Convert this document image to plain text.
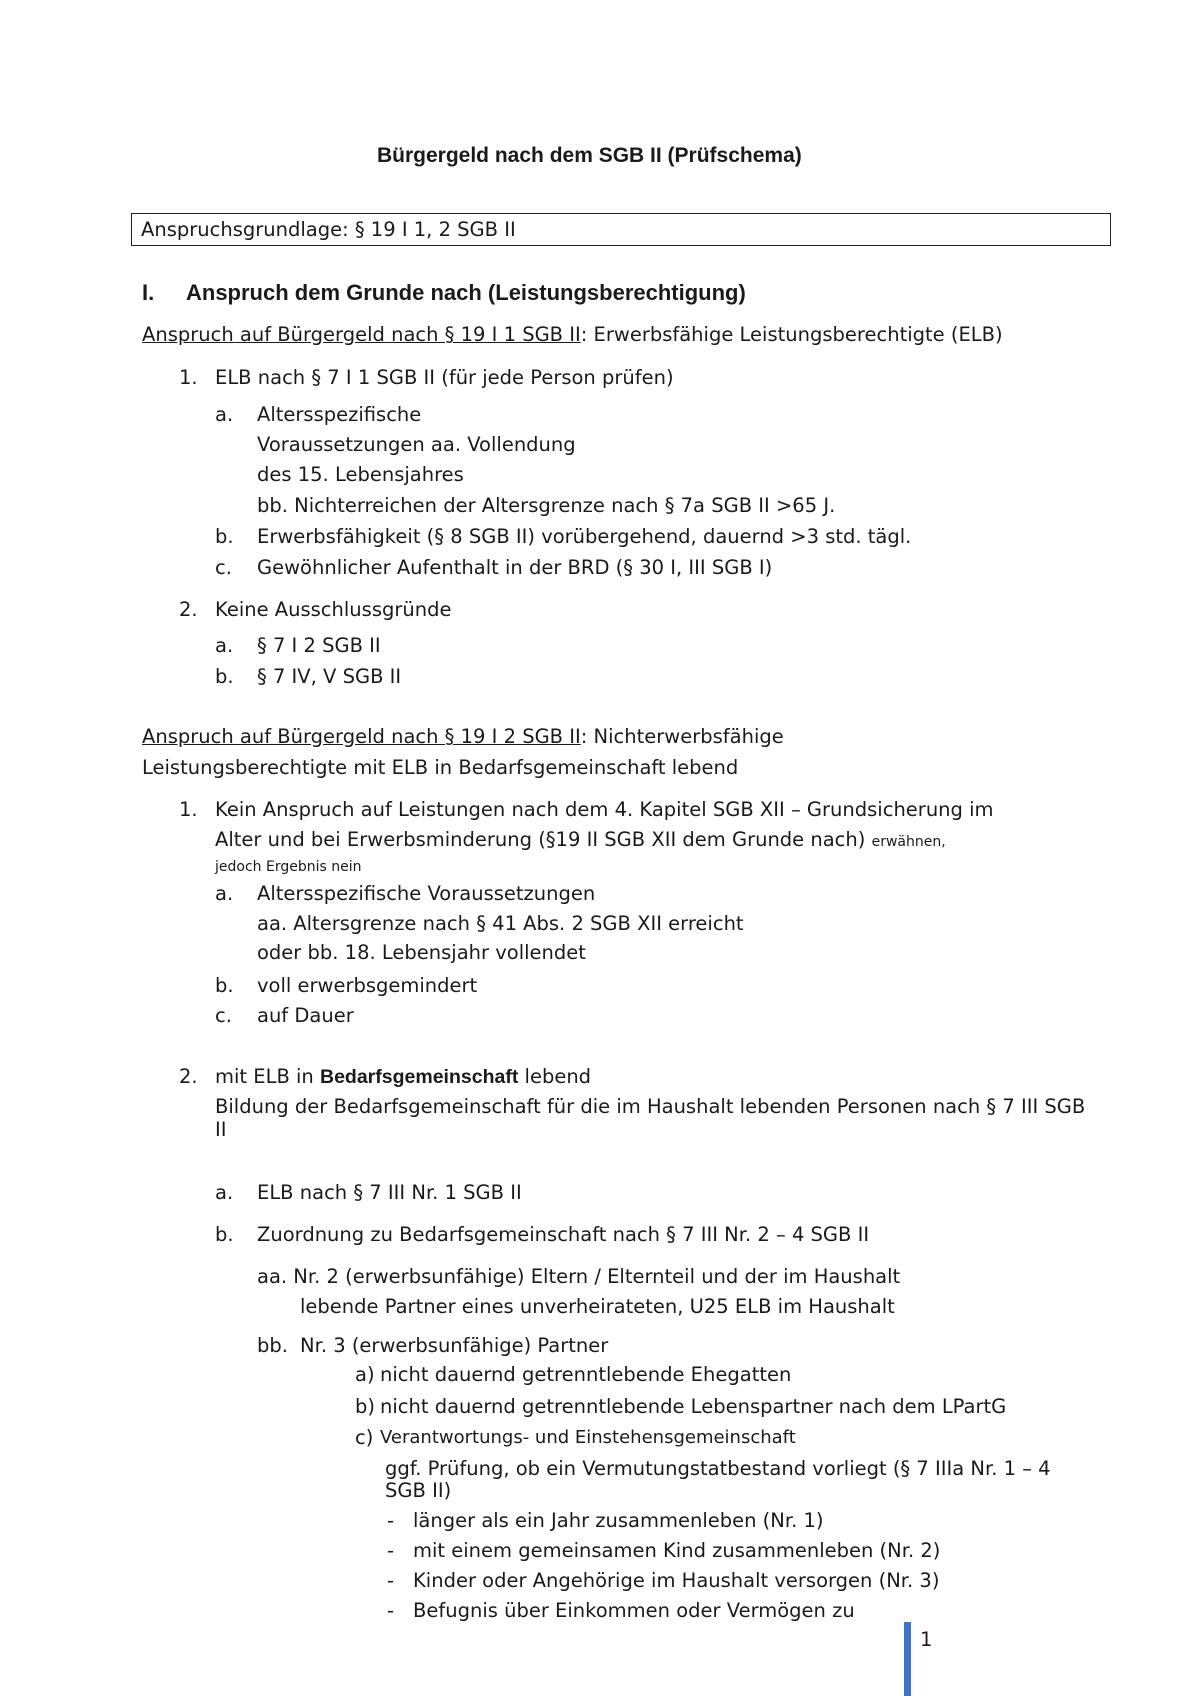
Bürgergeld nach dem SGB II (Prüfschema)
Anspruchsgrundlage: § 19 I 1, 2 SGB II
I. Anspruch dem Grunde nach (Leistungsberechtigung)
Anspruch auf Bürgergeld nach § 19 I 1 SGB II: Erwerbsfähige Leistungsberechtigte (ELB)
1. ELB nach § 7 I 1 SGB II (für jede Person prüfen)
a. Altersspezifische
Voraussetzungen aa. Vollendung
des 15. Lebensjahres
bb. Nichterreichen der Altersgrenze nach § 7a SGB II >65 J.
b. Erwerbsfähigkeit (§ 8 SGB II) vorübergehend, dauernd >3 std. tägl.
c. Gewöhnlicher Aufenthalt in der BRD (§ 30 I, III SGB I)
2. Keine Ausschlussgründe
a. § 7 I 2 SGB II
b. § 7 IV, V SGB II
Anspruch auf Bürgergeld nach § 19 I 2 SGB II: Nichterwerbsfähige
Leistungsberechtigte mit ELB in Bedarfsgemeinschaft lebend
1. Kein Anspruch auf Leistungen nach dem 4. Kapitel SGB XII – Grundsicherung im
Alter und bei Erwerbsminderung (§19 II SGB XII dem Grunde nach) erwähnen,
jedoch Ergebnis nein
a. Altersspezifische Voraussetzungen
aa. Altersgrenze nach § 41 Abs. 2 SGB XII erreicht
oder bb. 18. Lebensjahr vollendet
b. voll erwerbsgemindert
c. auf Dauer
2. mit ELB in Bedarfsgemeinschaft lebend
Bildung der Bedarfsgemeinschaft für die im Haushalt lebenden Personen nach § 7 III SGB
II
a. ELB nach § 7 III Nr. 1 SGB II
b. Zuordnung zu Bedarfsgemeinschaft nach § 7 III Nr. 2 – 4 SGB II
aa. Nr. 2 (erwerbsunfähige) Eltern / Elternteil und der im Haushalt
lebende Partner eines unverheirateten, U25 ELB im Haushalt
bb. Nr. 3 (erwerbsunfähige) Partner
a) nicht dauernd getrenntlebende Ehegatten
b) nicht dauernd getrenntlebende Lebenspartner nach dem LPartG
c) Verantwortungs- und Einstehensgemeinschaft
ggf. Prüfung, ob ein Vermutungstatbestand vorliegt (§ 7 IIIa Nr. 1 – 4
SGB II)
- länger als ein Jahr zusammenleben (Nr. 1)
- mit einem gemeinsamen Kind zusammenleben (Nr. 2)
- Kinder oder Angehörige im Haushalt versorgen (Nr. 3)
- Befugnis über Einkommen oder Vermögen zu
1
